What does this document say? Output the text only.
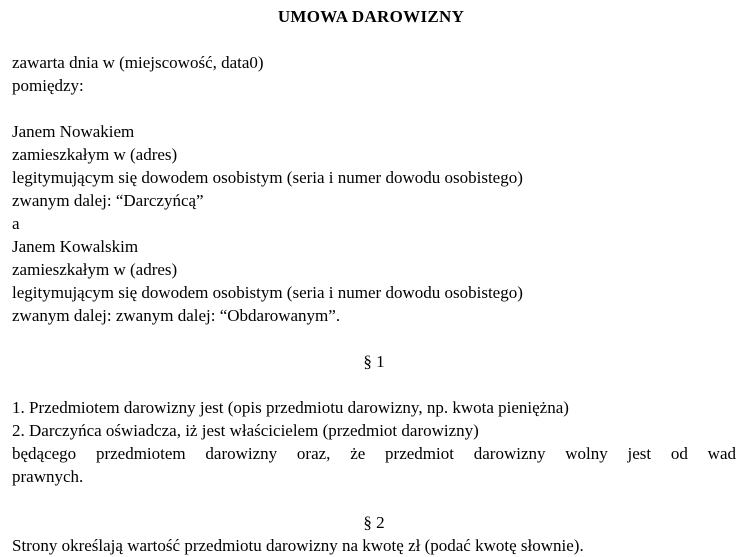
UMOWA DAROWIZNY
zawarta dnia w (miejscowość, data0)
pomiędzy:
Janem Nowakiem
zamieszkałym w (adres)
legitymującym się dowodem osobistym (seria i numer dowodu osobistego)
zwanym dalej: “Darczyńcą”
a
Janem Kowalskim
zamieszkałym w (adres)
legitymującym się dowodem osobistym (seria i numer dowodu osobistego)
zwanym dalej: zwanym dalej: “Obdarowanym”.
§ 1
1. Przedmiotem darowizny jest (opis przedmiotu darowizny, np. kwota pieniężna)
2. Darczyńca oświadcza, iż jest właścicielem (przedmiot darowizny)
będącego przedmiotem darowizny oraz, że przedmiot darowizny wolny jest od wad
prawnych.
§ 2
Strony określają wartość przedmiotu darowizny na kwotę zł (podać kwotę słownie).
